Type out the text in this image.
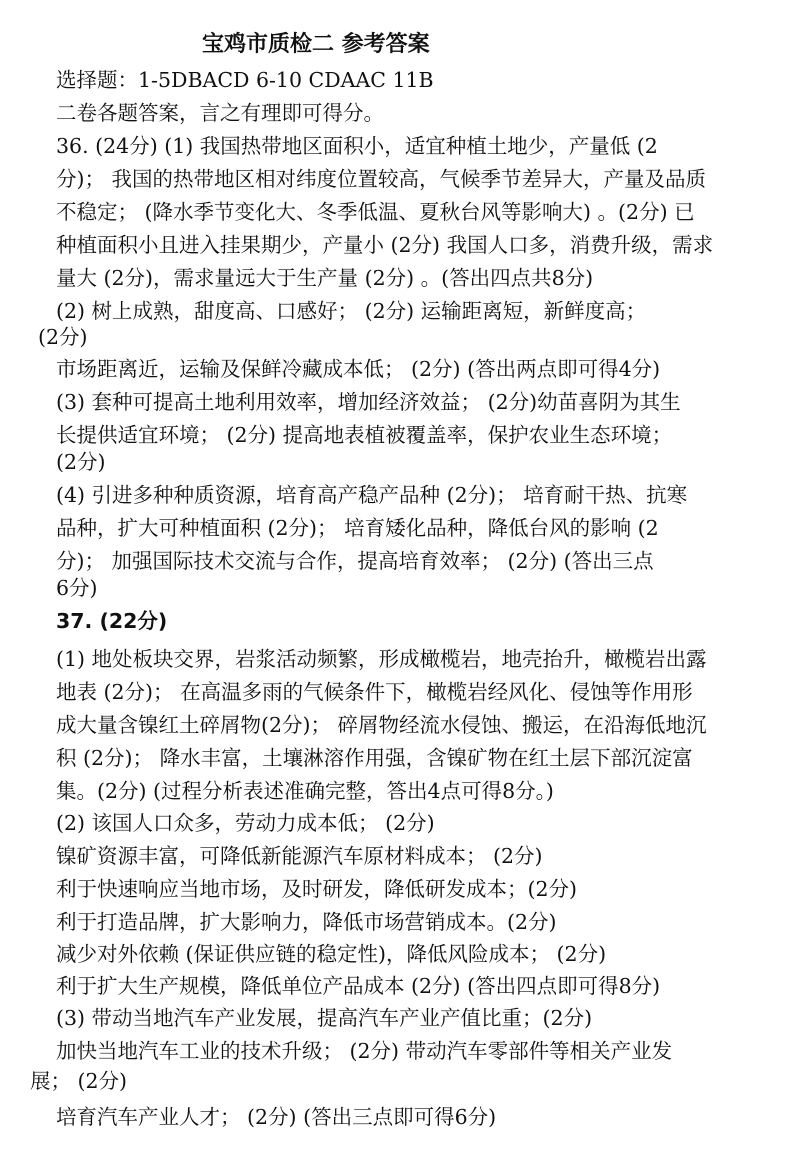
宝鸡市质检二 参考答案
选择题：1-5DBACD 6-10 CDAAC 11B
二卷各题答案，言之有理即可得分。
36. (24分) (1) 我国热带地区面积小，适宜种植土地少，产量低 (2
分)； 我国的热带地区相对纬度位置较高，气候季节差异大，产量及品质
不稳定； (降水季节变化大、冬季低温、夏秋台风等影响大) 。(2分) 已
种植面积小且进入挂果期少，产量小 (2分) 我国人口多，消费升级，需求
量大 (2分)，需求量远大于生产量 (2分) 。(答出四点共8分)
(2) 树上成熟，甜度高、口感好； (2分) 运输距离短，新鲜度高；
(2分)
市场距离近，运输及保鲜冷藏成本低； (2分) (答出两点即可得4分)
(3) 套种可提高土地利用效率，增加经济效益； (2分)幼苗喜阴为其生
长提供适宜环境； (2分) 提高地表植被覆盖率，保护农业生态环境；
(2分)
(4) 引进多种种质资源，培育高产稳产品种 (2分)； 培育耐干热、抗寒
品种，扩大可种植面积 (2分)； 培育矮化品种，降低台风的影响 (2
分)； 加强国际技术交流与合作，提高培育效率； (2分) (答出三点
6分)
37. (22分)
(1) 地处板块交界，岩浆活动频繁，形成橄榄岩，地壳抬升，橄榄岩出露
地表 (2分)； 在高温多雨的气候条件下，橄榄岩经风化、侵蚀等作用形
成大量含镍红土碎屑物(2分)； 碎屑物经流水侵蚀、搬运，在沿海低地沉
积 (2分)； 降水丰富，土壤淋溶作用强，含镍矿物在红土层下部沉淀富
集。(2分) (过程分析表述准确完整，答出4点可得8分。)
(2) 该国人口众多，劳动力成本低； (2分)
镍矿资源丰富，可降低新能源汽车原材料成本； (2分)
利于快速响应当地市场，及时研发，降低研发成本；(2分)
利于打造品牌，扩大影响力，降低市场营销成本。(2分)
减少对外依赖 (保证供应链的稳定性)，降低风险成本； (2分)
利于扩大生产规模，降低单位产品成本 (2分) (答出四点即可得8分)
(3) 带动当地汽车产业发展，提高汽车产业产值比重；(2分)
加快当地汽车工业的技术升级； (2分) 带动汽车零部件等相关产业发
展； (2分)
培育汽车产业人才； (2分) (答出三点即可得6分)
